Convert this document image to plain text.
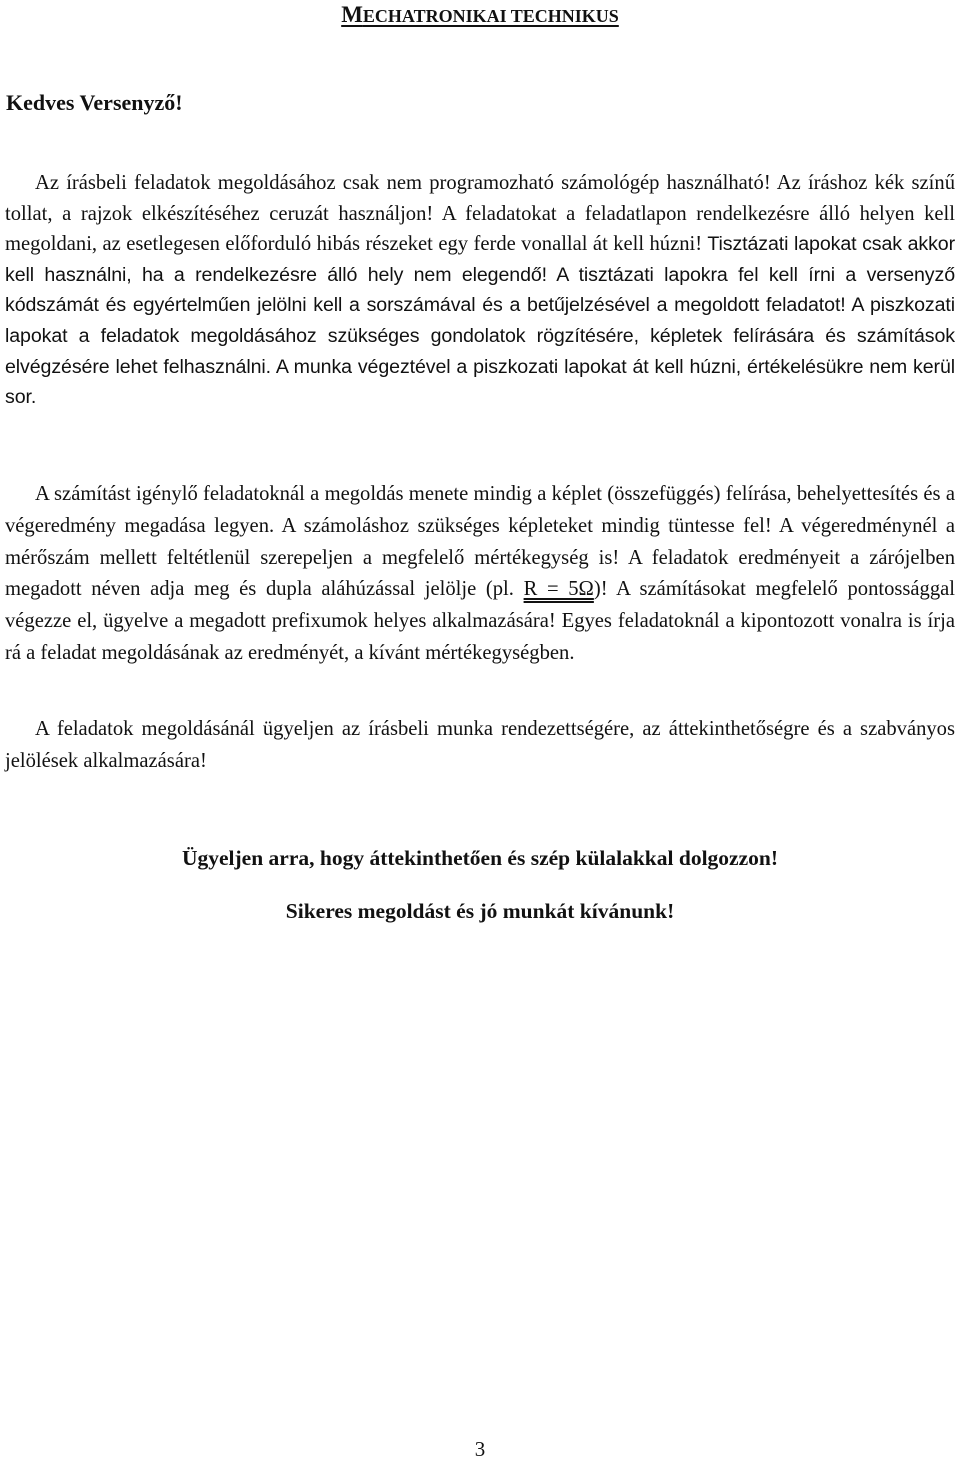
MECHATRONIKAI TECHNIKUS
Kedves Versenyző!

Az írásbeli feladatok megoldásához csak nem programozható számológép használható! Az íráshoz kék színű tollat, a rajzok elkészítéséhez ceruzát használjon! A feladatokat a feladatlapon rendelkezésre álló helyen kell megoldani, az esetlegesen előforduló hibás részeket egy ferde vonallal át kell húzni! Tisztázati lapokat csak akkor kell használni, ha a rendelkezésre álló hely nem elegendő! A tisztázati lapokra fel kell írni a versenyző kódszámát és egyértelműen jelölni kell a sorszámával és a betűjelzésével a megoldott feladatot! A piszkozati lapokat a feladatok megoldásához szükséges gondolatok rögzítésére, képletek felírására és számítások elvégzésére lehet felhasználni. A munka végeztével a piszkozati lapokat át kell húzni, értékelésükre nem kerül sor.

A számítást igénylő feladatoknál a megoldás menete mindig a képlet (összefüggés) felírása, behelyettesítés és a végeredmény megadása legyen. A számoláshoz szükséges képleteket mindig tüntesse fel! A végeredménynél a mérőszám mellett feltétlenül szerepeljen a megfelelő mértékegység is! A feladatok eredményeit a zárójelben megadott néven adja meg és dupla aláhúzással jelölje (pl. R = 5Ω)! A számításokat megfelelő pontossággal végezze el, ügyelve a megadott prefixumok helyes alkalmazására! Egyes feladatoknál a kipontozott vonalra is írja rá a feladat megoldásának az eredményét, a kívánt mértékegységben.

A feladatok megoldásánál ügyeljen az írásbeli munka rendezettségére, az áttekinthetőségre és a szabványos jelölések alkalmazására!

Ügyeljen arra, hogy áttekinthetően és szép külalakkal dolgozzon!
Sikeres megoldást és jó munkát kívánunk!
3
